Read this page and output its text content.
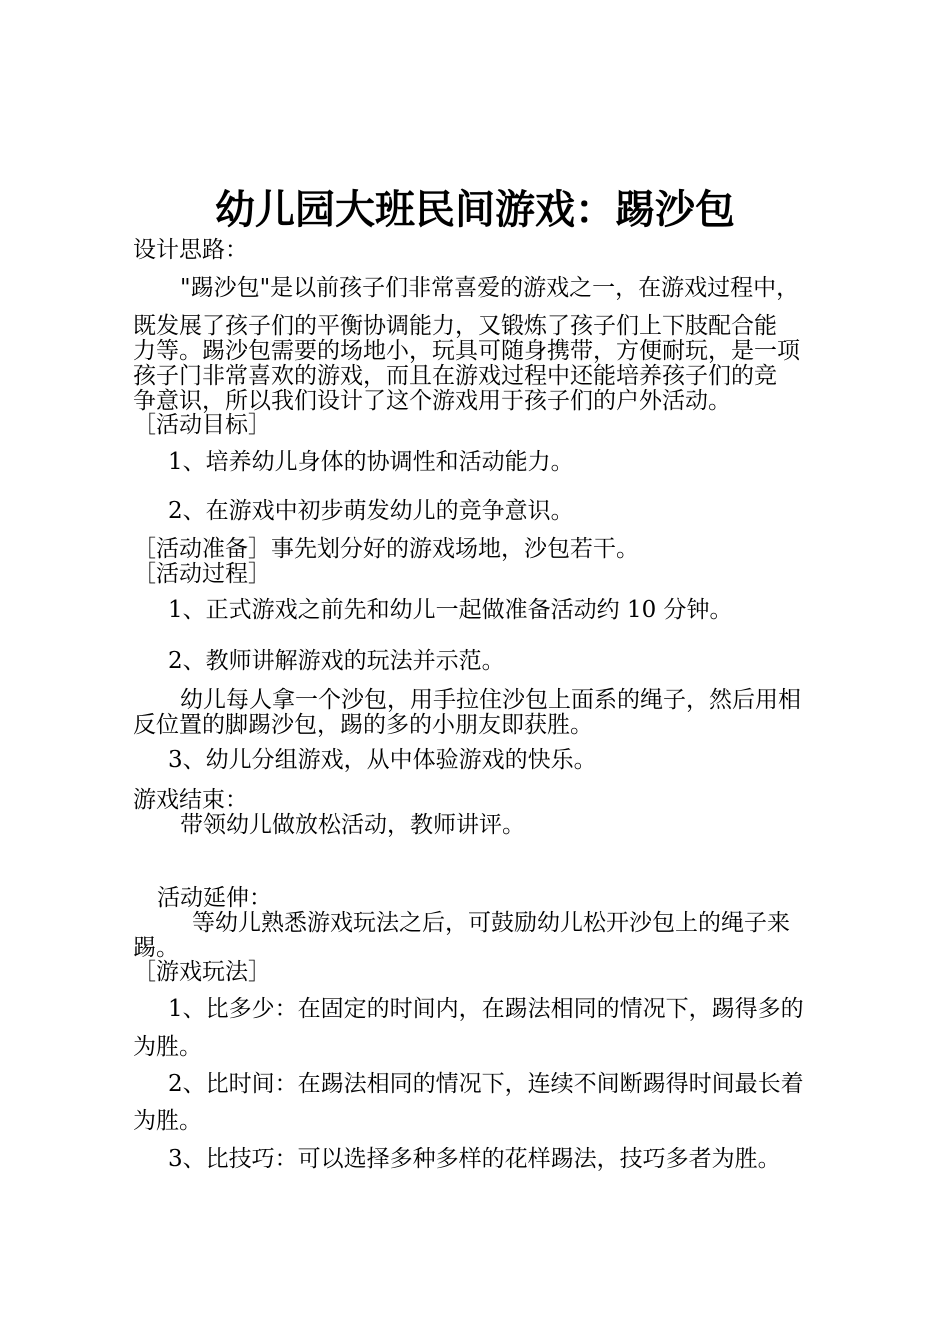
幼儿园大班民间游戏：踢沙包
设计思路：
"踢沙包"是以前孩子们非常喜爱的游戏之一，在游戏过程中，
既发展了孩子们的平衡协调能力，又锻炼了孩子们上下肢配合能
力等。踢沙包需要的场地小，玩具可随身携带，方便耐玩，是一项
孩子门非常喜欢的游戏，而且在游戏过程中还能培养孩子们的竞
争意识，所以我们设计了这个游戏用于孩子们的户外活动。
［活动目标］
1、培养幼儿身体的协调性和活动能力。
2、在游戏中初步萌发幼儿的竞争意识。
［活动准备］事先划分好的游戏场地，沙包若干。
［活动过程］
1、正式游戏之前先和幼儿一起做准备活动约 10 分钟。
2、教师讲解游戏的玩法并示范。
幼儿每人拿一个沙包，用手拉住沙包上面系的绳子，然后用相
反位置的脚踢沙包，踢的多的小朋友即获胜。
3、幼儿分组游戏，从中体验游戏的快乐。
游戏结束：
带领幼儿做放松活动，教师讲评。
活动延伸：
等幼儿熟悉游戏玩法之后，可鼓励幼儿松开沙包上的绳子来
踢。
［游戏玩法］
1、比多少：在固定的时间内，在踢法相同的情况下，踢得多的
为胜。
2、比时间：在踢法相同的情况下，连续不间断踢得时间最长着
为胜。
3、比技巧：可以选择多种多样的花样踢法，技巧多者为胜。
